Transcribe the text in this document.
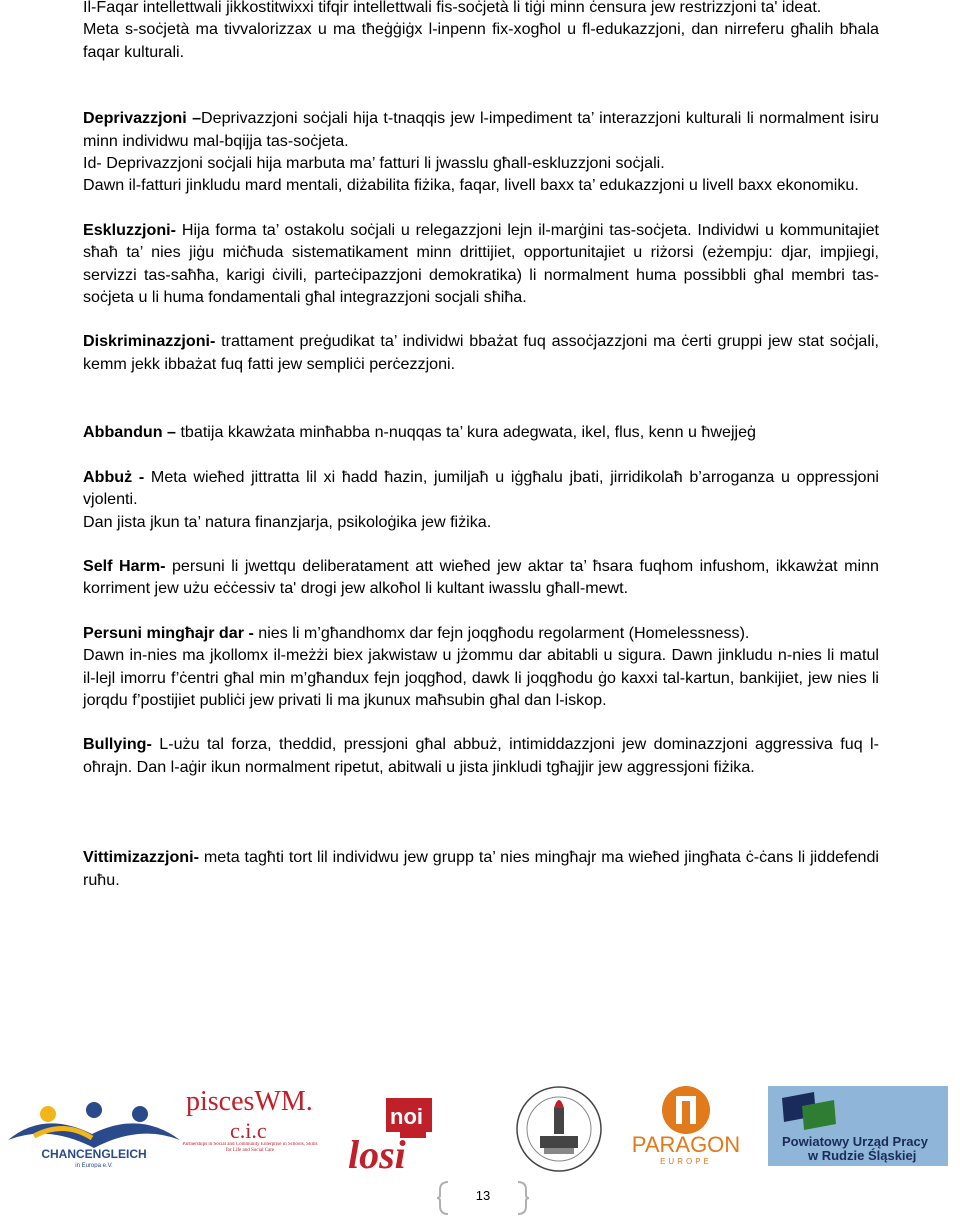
Il-Faqar intellettwali jikkostitwixxi tifqir intellettwali fis-soċjetà li tiġi minn ċensura jew restrizzjoni ta' ideat.

Meta s-soċjetà ma tivvalorizzax u ma tħeġġiġx l-inpenn fix-xogħol u fl-edukazzjoni, dan nirreferu għalih bħala faqar kulturali.

Deprivazzjoni –Deprivazzjoni soċjali hija t-tnaqqis jew l-impediment ta’ interazzjoni kulturali li normalment isiru minn individwu mal-bqijja tas-soċjeta.

Id- Deprivazzjoni soċjali hija marbuta ma’ fatturi li jwasslu għall-eskluzzjoni soċjali.

Dawn il-fatturi jinkludu mard mentali, diżabilita fiżika, faqar, livell baxx ta’ edukazzjoni u livell baxx ekonomiku.

Eskluzzjoni- Hija forma ta’ ostakolu soċjali u relegazzjoni lejn il-marġini tas-soċjeta. Individwi u kommunitajiet sħaħ ta’ nies jiġu miċħuda sistematikament minn drittijiet, opportunitajiet u riżorsi (eżempju: djar, impjiegi, servizzi tas-saħħa, karigi ċivili, parteċipazzjoni demokratika) li normalment huma possibbli għal membri tas-soċjeta u li huma fondamentali għal integrazzjoni socjali sħiħa.

Diskriminazzjoni- trattament preġudikat ta’ individwi bbażat fuq assoċjazzjoni ma ċerti gruppi jew stat soċjali, kemm jekk ibbażat fuq fatti jew sempliċi perċezzjoni.

Abbandun – tbatija kkawżata minħabba n-nuqqas ta’ kura adegwata, ikel, flus, kenn u ħwejjeġ

Abbuż - Meta wieħed jittratta lil xi ħadd ħazin, jumiljaħ u iġgħalu jbati, jirridikolaħ b’arroganza u oppressjoni vjolenti.

Dan jista jkun ta’ natura finanzjarja, psikoloġika jew fiżika.

Self Harm- persuni li jwettqu deliberatament att wieħed jew aktar ta’ ħsara fuqhom infushom, ikkawżat minn korriment jew użu eċċessiv ta' drogi jew alkoħol li kultant iwasslu għall-mewt.

Persuni mingħajr dar - nies li m’għandhomx dar fejn joqgħodu regolarment (Homelessness).

Dawn in-nies ma jkollomx il-meżżi biex jakwistaw u jżommu dar abitabli u sigura. Dawn jinkludu n-nies li matul il-lejl imorru f’ċentri għal min m’għandux fejn joqgħod, dawk li joqgħodu ġo kaxxi tal-kartun, bankijiet, jew nies li jorqdu f’postijiet publiċi jew privati li ma jkunux maħsubin għal dan l-iskop.

Bullying- L-użu tal forza, theddid, pressjoni għal abbuż, intimiddazzjoni jew dominazzjoni aggressiva fuq l-oħrajn. Dan l-aġir ikun normalment ripetut, abitwali u jista jinkludi tgħajjir jew aggressjoni fiżika.

Vittimizazzjoni- meta tagħti tort lil individwu jew grupp ta’ nies mingħajr ma wieħed jingħata ċ-ċans li jiddefendi ruħu.

CHANCENGLEICH
in Europa e.V.
piscesWM.
c.i.c
Partnerships in Social and Community Enterprise in Schools, Skills for Life and Social Care
noi
losi	PARAGON
EUROPE
Powiatowy Urząd Pracy
w Rudzie Śląskiej
13
